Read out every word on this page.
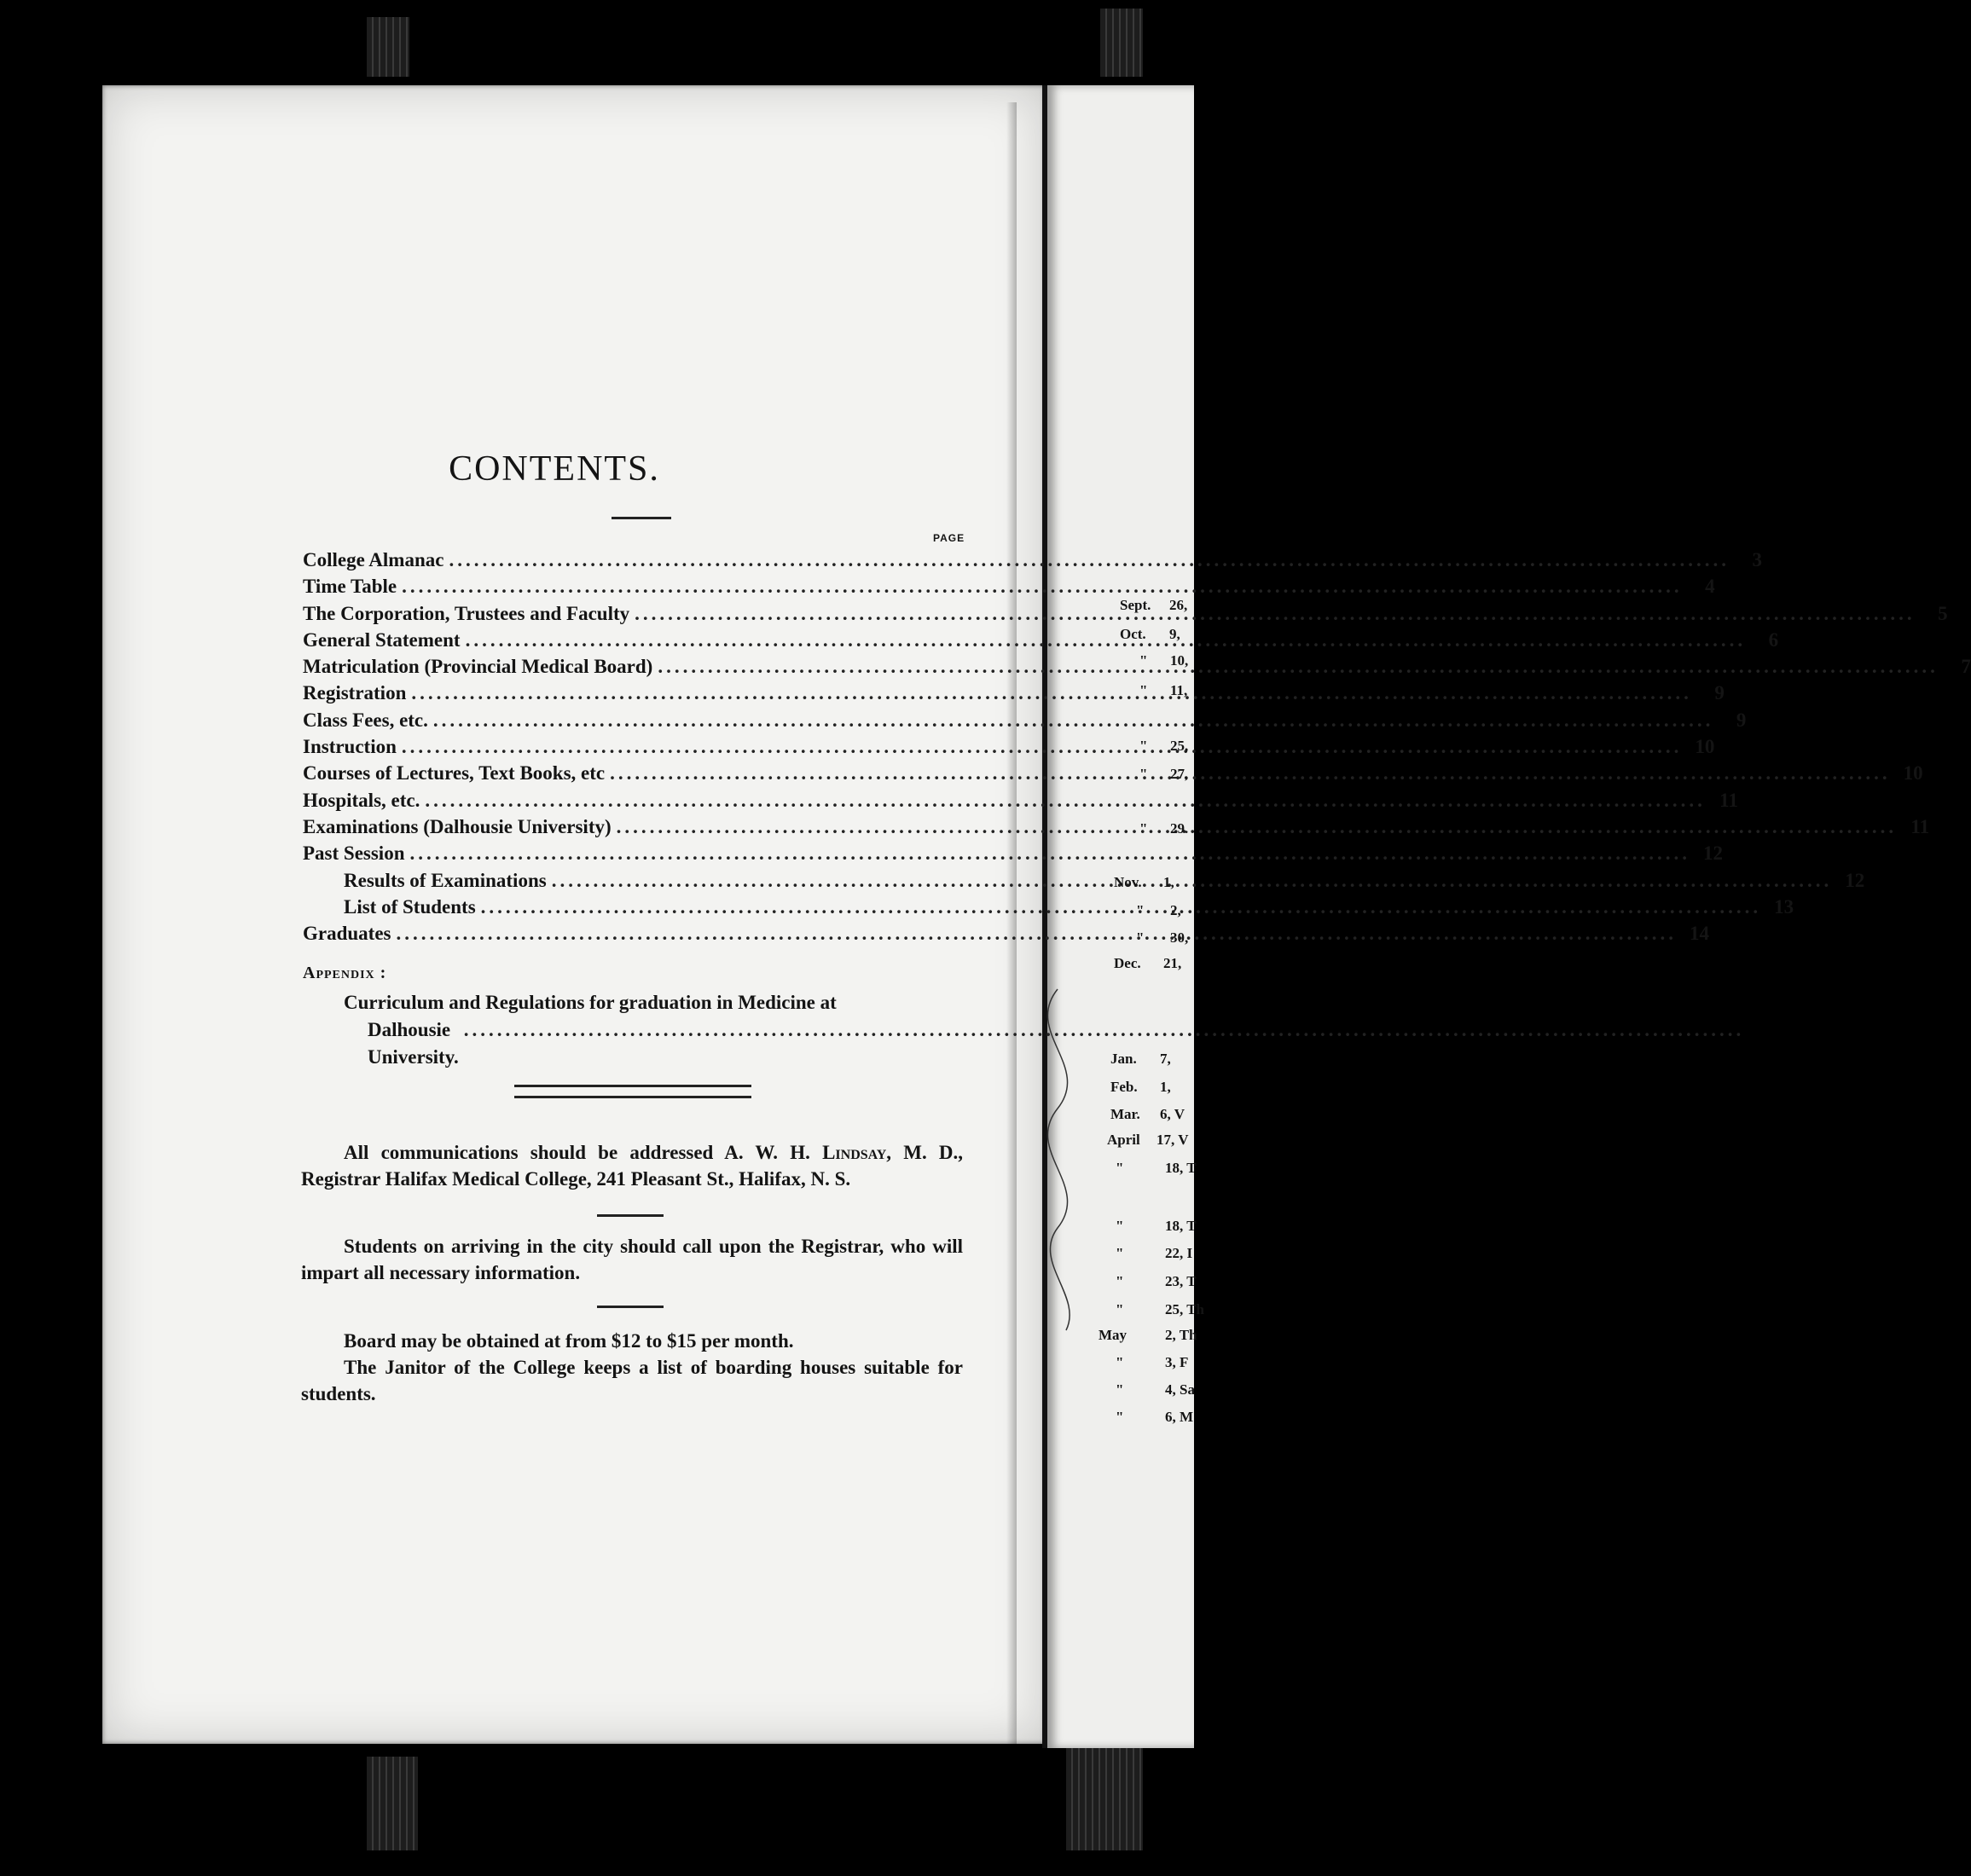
CONTENTS.
PAGE
College Almanac .....	3
Time Table .....	4
The Corporation, Trustees and Faculty .....	5
General Statement .....	6
Matriculation (Provincial Medical Board) .....	7
Registration .....	9
Class Fees, etc. .....	9
Instruction .....	10
Courses of Lectures, Text Books, etc .....	10
Hospitals, etc. .....	11
Examinations (Dalhousie University) .....	11
Past Session .....	12
Results of Examinations .....	12
List of Students .....	13
Graduates .....	14
Appendix :
Curriculum and Regulations for graduation in Medicine at
Dalhousie University.
.....
All communications should be addressed A. W. H. Lindsay, M. D., Registrar Halifax Medical College, 241 Pleasant St., Halifax, N. S.
Students on arriving in the city should call upon the Registrar, who will impart all necessary information.
Board may be obtained at from $12 to $15 per month.
The Janitor of the College keeps a list of boarding houses suitable for students.
Sept. 26,
Oct. 9,
" 10,
" 11,
" 25,
" 27,
" 29.
Nov. 1,
" 2,
" 30,
Dec. 21,
Jan. 7,
Feb. 1,
Mar. 6, V
April 17, V
"	18, T
"	18, T
"	22, I
"	23, T
"	25, Th
May	2, Th
"	3, F
"	4, Sa
"	6, M
